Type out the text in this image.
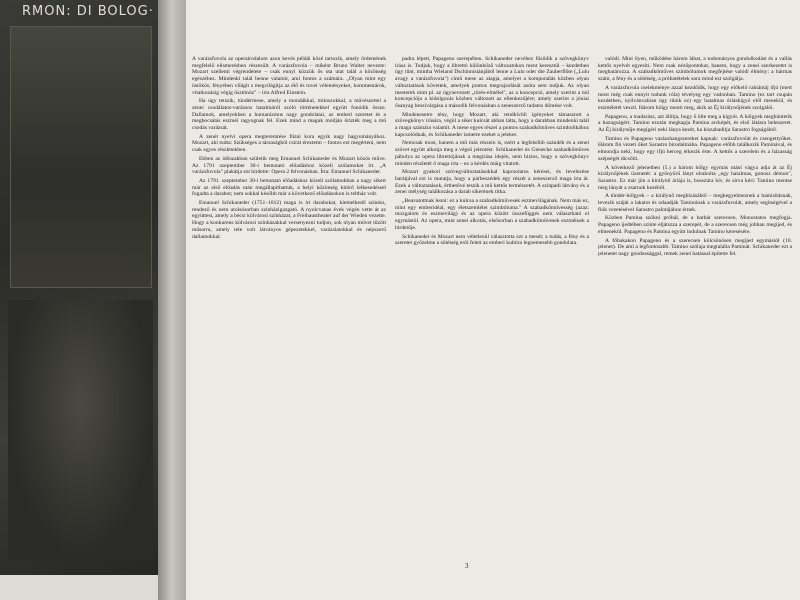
RMON: DI BOLOG·

A varázsfuvola az operairodalom azon kevés példái közé tartozik, amely ördemének megfelelő elismerésben részesült. A varázsfuvola – miként Bruno Walter nevezte: Mozart szellemi végrendelete – csak ennyi közzük ős ota utat talál a közönség egészéhez. Mindenki talál benne valamit, ami fontos a számára. „Olyan mint egy üstökös; fényében világít s megvilágítja az élő és tovei véleményeket, kommentárok, vitatkozásig végig ösztönöz" – írta Alfred Einstein.

Ha úgy tetszik, tündérmese, amely a mondákkal, mitoszokkal, a művészettel a zenei csodálatos-varázsos hatalmáról szóló történetekkel együtt fonódik össze. Dallamok, amelyekben a humanizmus nagy gondolatai, az emberi szeretet és a megbocsátás eszméi ragyognak fel. Ezek mind a maguk módján őrizték meg a mű csodás varázsát.

A zenét nyelvi opera megteremtése fűzni kora egyik nagy hagyományához. Mozart, aki tudta: Szükséges a társaságból csírát éreztetni – fontos ezt megérteni, nem csak egyes részletekben.

Ebben az időszakban születik meg Emanuel Schikaneder és Mozart közös műve. Az 1791 szeptember 30-i bemutató előadáshoz közeli szólamokat írt. „A varázsfuvola" plakátja ezt hirdette: Opera 2 felvonásban. Írta: Emanuel Schikaneder.

Az 1791. szeptember 30-i bemutató előadáshoz közeli szólamokban a nagy sikert már az első előadás után megállapíthattuk, a helyi közönség kitörő lelkesedéssel fogadta a darabot; nem sokkal később már a következő előadásokon is teltház volt.

Emanuel Schikaneder (1751–1812) maga is írt darabokat, kiemelkedő színész, rendező és nem utolsósorban színházigazgató. A nyolcvanas évek végén vette át az együttest, amely a bécsi külvárosi színházat, a Freihaustheater auf der Wieden vezette. Hogy a konkurens külvárosi színházakkal versenyezni tudjon, sok olyan művet tűzött műsorra, amely tele volt látványos gépezetekkel, varázslatokkal és népszerű dallamokkal.

padra lépett, Papageno szerepében. Schikaneder nevéhez fűződik a szövegkönyv írása is. Tudjuk, hogy a librettó különböző változatokon ment keresztül – kezdetben úgy tűnt, mintha Wieland Dschinnistánjából lenne a Lulu oder die Zauberflöte („Lulu avagy a varázsfuvola") című mese az alapja, amelyet a komponálás közben olyan változtatások követtek, amelyek pontos megrajzolását azóta sem tudjuk. Az olyan mesterek mint pl. az úgynevezett „törés-elmélet", az a koncepció, amely szerint a mű koncepciója a kidolgozás közben változott az ellenkezőjére; amely szerint a jóniai ősanyag beszivárgása a második felvonásban a zeneszerző tudatos döntése volt.

Mindenesetre tény, hogy Mozart, aki rendkívüli igényeket támasztott a szövegkönyv írására, végül a siker kulcsát abban látta, hogy a darabban mindenki talál a maga számára valamit. A mese egyes részei a pontos szabadkőműves szimbolikához kapcsolódnak, és Schikaneder ismerte ezeket a jeleket.

Nemcsak most, hanem a mű más részein is, ezért a legfelsőbb szándék és a zenei szövet együtt alkotja meg a végső jelentést. Schikaneder és Giesecke szabadkőműves páholya az opera librettójának a megírása idején, nem biztos, hogy a szövegkönyv minden részletét ő maga írta – ez a kérdés máig vitatott.

Mozart gyakori szövegváltoztatásokkal kapcsolatos kérései, és levelezése barátjával ezt is mutatja, hogy a párbeszédek egy részét a zeneszerző maga írta át. Ezek a változtatások, érthetővé teszik a mű kettős természetét. A színpadi látvány és a zenei mélység találkozása a darab sikerének titka.

„Beavatottnak lenni: ez a kulcsa a szabadkőművesek eszmevilágának. Nem más ez, mint egy emberidéal, egy életszemlélet szimbóluma." A szabadkőművesség (azaz: mozgalom és eszmevilág) és az opera között összefüggés nem választható el egymástól. Az opera, mint zenei alkotás, elsősorban a szabadkőművesek eszméinek a hirdetője.

Schikaneder és Mozart nem véletlenül választotta ezt a mesét; a tudás, a fény és a szeretet győzelme a sötétség erői felett az emberi kultúra legnemesebb gondolata.

valódi. Mint ilyen, működése három lábat, a tudományos gondolkodást és a vallás kettős nyelvét egyesíti. Nem csak nézőpontokat, hanem, hogy a zenei szerkezetet is meghatározza. A szabadkőműves szimbólumok megfejtése valódi élmény: a hármas szám, a fény és a sötétség, a próbatételek sora mind ezt szolgálja.

A varázsfuvola cselekménye azzal kezdődik, hogy egy előkelő rahiántáj ifjú (mert most még csak ennyit tudunk róla) tévelyeg egy vadonban. Tamino (ez tart csupán kezdetben, nyilvánvalóan úgy tűnik ez) egy hatalmas óriáskígyó elől menekül, és eszméletét veszti. Három hölgy menti meg, akik az Éj királynőjének szolgálói.

Papageno, a madarász, azt állítja, hogy ő ölte meg a kígyót. A hölgyek megbüntetik a hazugságért. Tamino ezután megkapja Pamina arcképét, és első látásra beleszeret. Az Éj királynője megígéri neki lánya kezét, ha kiszabadítja Sarastro fogságából.

Tamino és Papageno varázshangszereket kapnak: varázsfuvolát és csengettyűket. Három fiú vezeti őket Sarastro birodalmába. Papageno előbb találkozik Paminával, és elmondja neki, hogy egy ifjú herceg érkezik érte. A kettős a szerelem és a házasság szépségét dicsőíti.

A következő jelenetben (5.) a három hölgy egymás utáni vágya adja át az Éj királynőjének üzenetét: a gyönyörű lányt elrabolta „egy hatalmas, gonosz démon", Sarastro. Ez már jön a királynő áriája is, bosszúra hív, és sírva kéri: Tamino mentse meg lányát a zsarnok kezéből.

A tündér-hölgyek – a királynő megbízásából – megkegyelmeznek a hamisításnak, levezik száját a lakatot és odaadják Taminónak a varázsfuvolát, amely segítségével a fiúk vezetésével Sarastro palotájához érnek.

Közben Pamina szökni próbál, de a barbár szerecsen, Monostatos megfogja. Papageno ijedtében szinte eljátszza a szerepét, de a szerecsen még jobban megijed, és elmenekül. Papageno és Pamina együtt indulnak Tamino keresésére.

A főbakakon Papageno és a szerecsen kölcsönösen megijed egymástól (10. jelenet). De ami a legfontosabb: Tamino szólaja megtalálta Paminát. Schikaneder ezt a jelenetet nagy gondossággal, remek zenei hatással építette fel.

3
